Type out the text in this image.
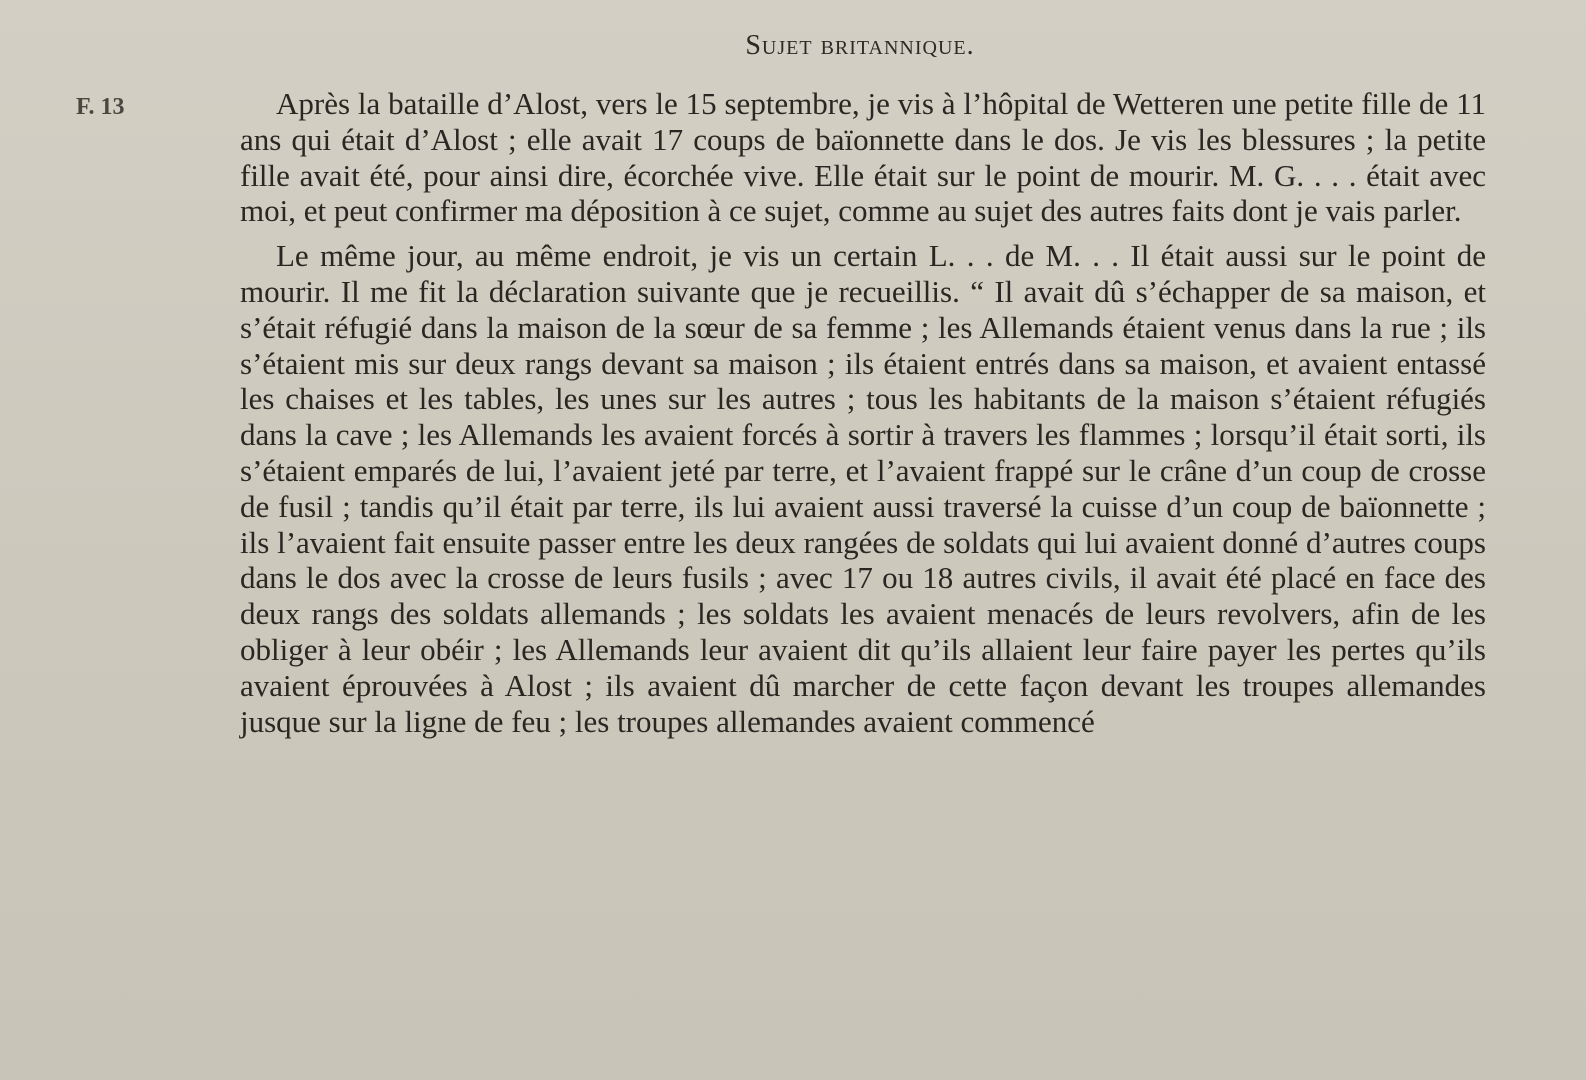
Sujet britannique.
F. 13	Après la bataille d’Alost, vers le 15 septembre, je vis à l’hôpital de Wetteren une petite fille de 11 ans qui était d’Alost ; elle avait 17 coups de baïonnette dans le dos. Je vis les blessures ; la petite fille avait été, pour ainsi dire, écorchée vive. Elle était sur le point de mourir. M. G. . . . était avec moi, et peut confirmer ma déposition à ce sujet, comme au sujet des autres faits dont je vais parler.

Le même jour, au même endroit, je vis un certain L. . . de M. . . Il était aussi sur le point de mourir. Il me fit la déclaration suivante que je recueillis. “ Il avait dû s’échapper de sa maison, et s’était réfugié dans la maison de la sœur de sa femme ; les Allemands étaient venus dans la rue ; ils s’étaient mis sur deux rangs devant sa maison ; ils étaient entrés dans sa maison, et avaient entassé les chaises et les tables, les unes sur les autres ; tous les habitants de la maison s’étaient réfugiés dans la cave ; les Allemands les avaient forcés à sortir à travers les flammes ; lorsqu’il était sorti, ils s’étaient emparés de lui, l’avaient jeté par terre, et l’avaient frappé sur le crâne d’un coup de crosse de fusil ; tandis qu’il était par terre, ils lui avaient aussi traversé la cuisse d’un coup de baïonnette ; ils l’avaient fait ensuite passer entre les deux rangées de soldats qui lui avaient donné d’autres coups dans le dos avec la crosse de leurs fusils ; avec 17 ou 18 autres civils, il avait été placé en face des deux rangs des soldats allemands ; les soldats les avaient menacés de leurs revolvers, afin de les obliger à leur obéir ; les Allemands leur avaient dit qu’ils allaient leur faire payer les pertes qu’ils avaient éprouvées à Alost ; ils avaient dû marcher de cette façon devant les troupes allemandes jusque sur la ligne de feu ; les troupes allemandes avaient commencé
